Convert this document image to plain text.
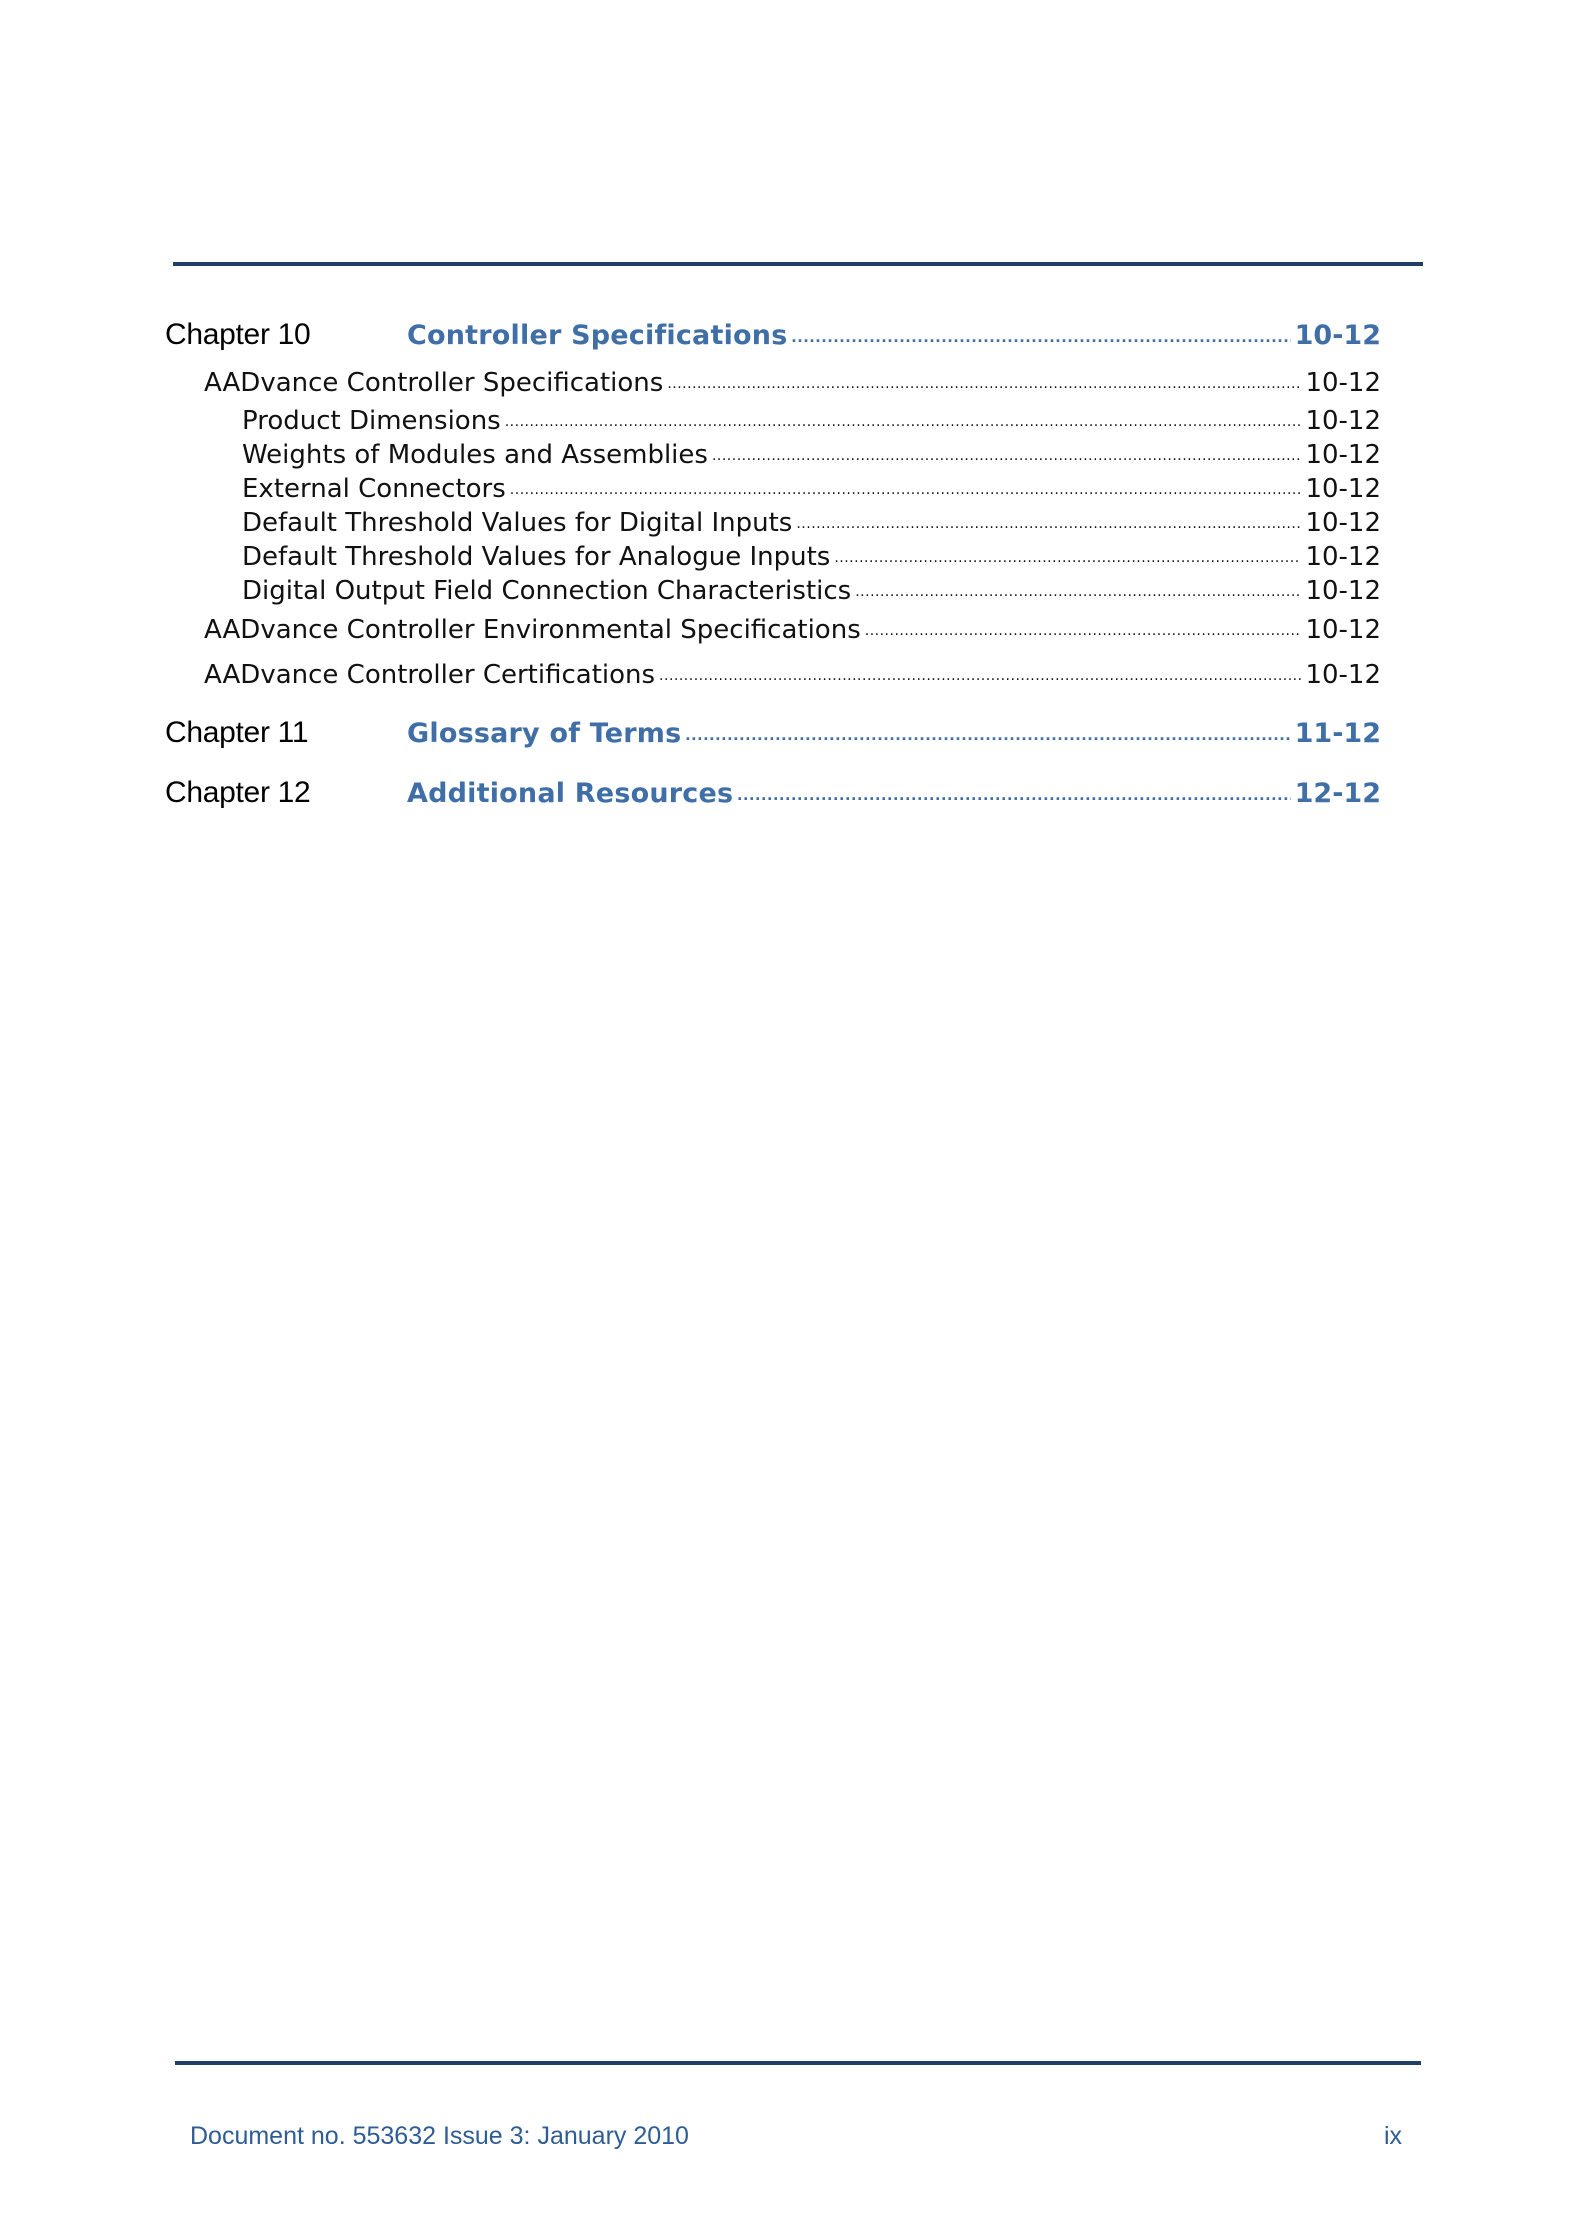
Chapter 10	Controller Specifications .....	10-12
AADvance Controller Specifications .....	10-12
Product Dimensions .....	10-12
Weights of Modules and Assemblies .....	10-12
External Connectors .....	10-12
Default Threshold Values for Digital Inputs .....	10-12
Default Threshold Values for Analogue Inputs .....	10-12
Digital Output Field Connection Characteristics .....	10-12
AADvance Controller Environmental Specifications .....	10-12
AADvance Controller Certifications .....	10-12
Chapter 11	Glossary of Terms .....	11-12
Chapter 12	Additional Resources .....	12-12
Document no. 553632 Issue 3: January 2010	ix
